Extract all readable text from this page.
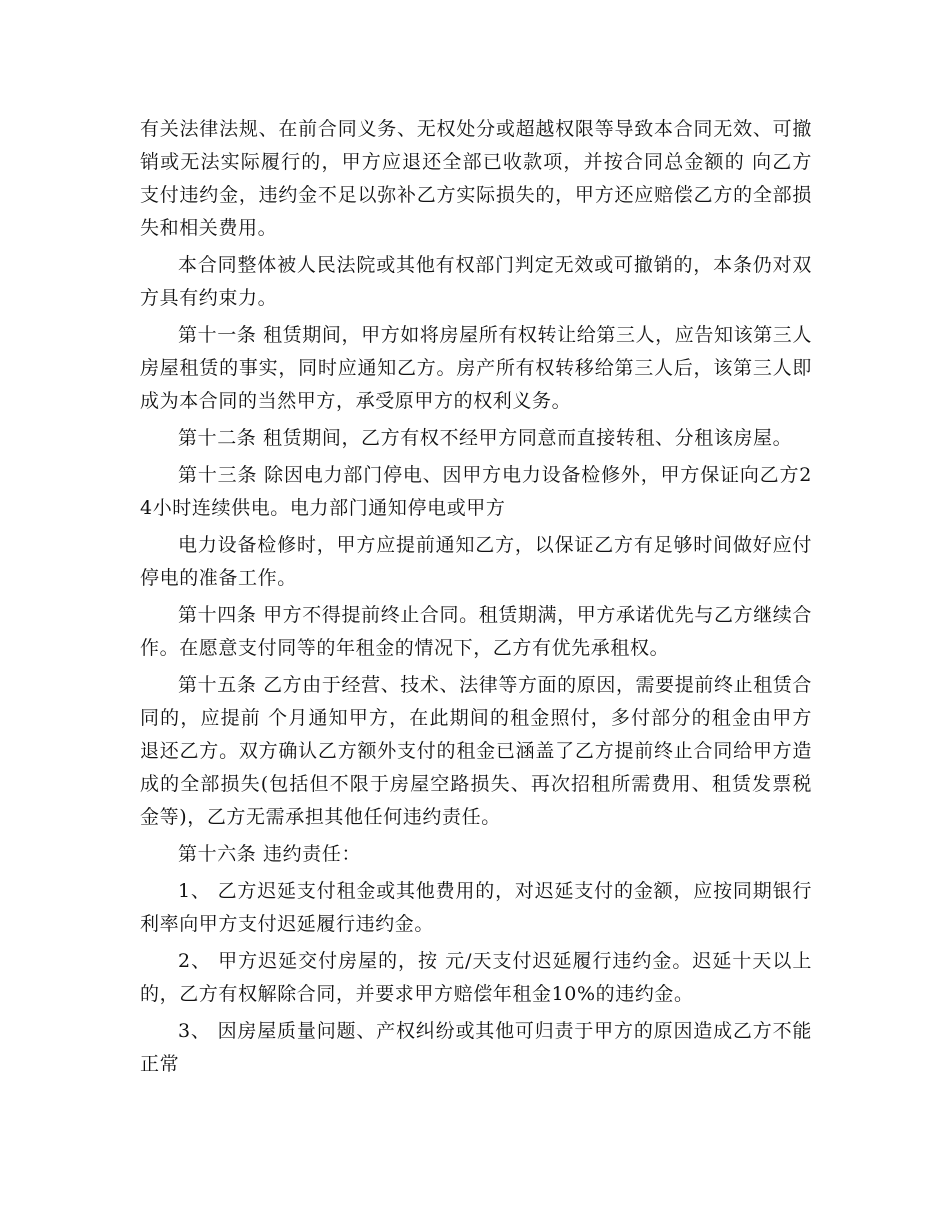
有关法律法规、在前合同义务、无权处分或超越权限等导致本合同无效、可撤销或无法实际履行的，甲方应退还全部已收款项，并按合同总金额的 向乙方支付违约金，违约金不足以弥补乙方实际损失的，甲方还应赔偿乙方的全部损失和相关费用。

本合同整体被人民法院或其他有权部门判定无效或可撤销的，本条仍对双方具有约束力。

第十一条 租赁期间，甲方如将房屋所有权转让给第三人，应告知该第三人房屋租赁的事实，同时应通知乙方。房产所有权转移给第三人后，该第三人即成为本合同的当然甲方，承受原甲方的权利义务。

第十二条 租赁期间，乙方有权不经甲方同意而直接转租、分租该房屋。

第十三条 除因电力部门停电、因甲方电力设备检修外，甲方保证向乙方24小时连续供电。电力部门通知停电或甲方

电力设备检修时，甲方应提前通知乙方，以保证乙方有足够时间做好应付停电的准备工作。

第十四条 甲方不得提前终止合同。租赁期满，甲方承诺优先与乙方继续合作。在愿意支付同等的年租金的情况下，乙方有优先承租权。

第十五条 乙方由于经营、技术、法律等方面的原因，需要提前终止租赁合同的，应提前 个月通知甲方，在此期间的租金照付，多付部分的租金由甲方退还乙方。双方确认乙方额外支付的租金已涵盖了乙方提前终止合同给甲方造成的全部损失(包括但不限于房屋空路损失、再次招租所需费用、租赁发票税金等)，乙方无需承担其他任何违约责任。

第十六条 违约责任：

1、 乙方迟延支付租金或其他费用的，对迟延支付的金额，应按同期银行利率向甲方支付迟延履行违约金。

2、 甲方迟延交付房屋的，按 元/天支付迟延履行违约金。迟延十天以上的，乙方有权解除合同，并要求甲方赔偿年租金10%的违约金。

3、 因房屋质量问题、产权纠纷或其他可归责于甲方的原因造成乙方不能正常
